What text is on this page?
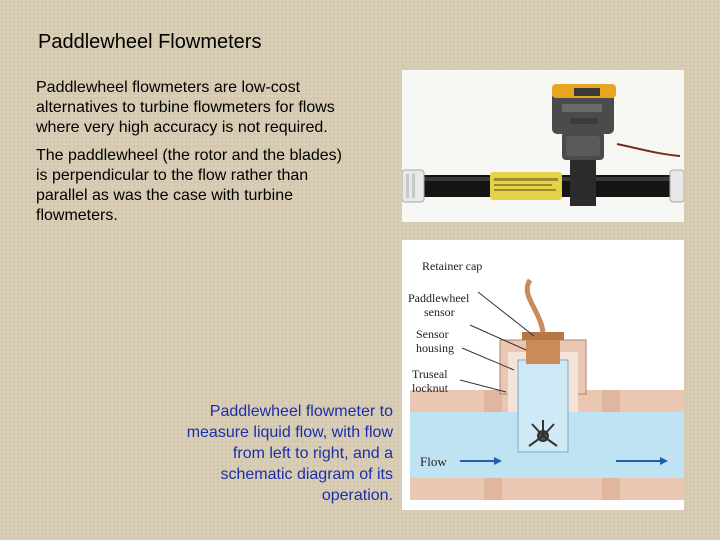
Paddlewheel Flowmeters

Paddlewheel flowmeters are low-cost alternatives to turbine flowmeters for flows where very high accuracy is not required.

The paddlewheel (the rotor and the blades) is perpendicular to the flow rather than parallel as was the case with turbine flowmeters.

Paddlewheel flowmeter to measure liquid flow, with flow from left to right, and a schematic diagram of its operation.
Retainer cap
Paddlewheel
sensor
Sensor
housing
Truseal
locknut
Flow
